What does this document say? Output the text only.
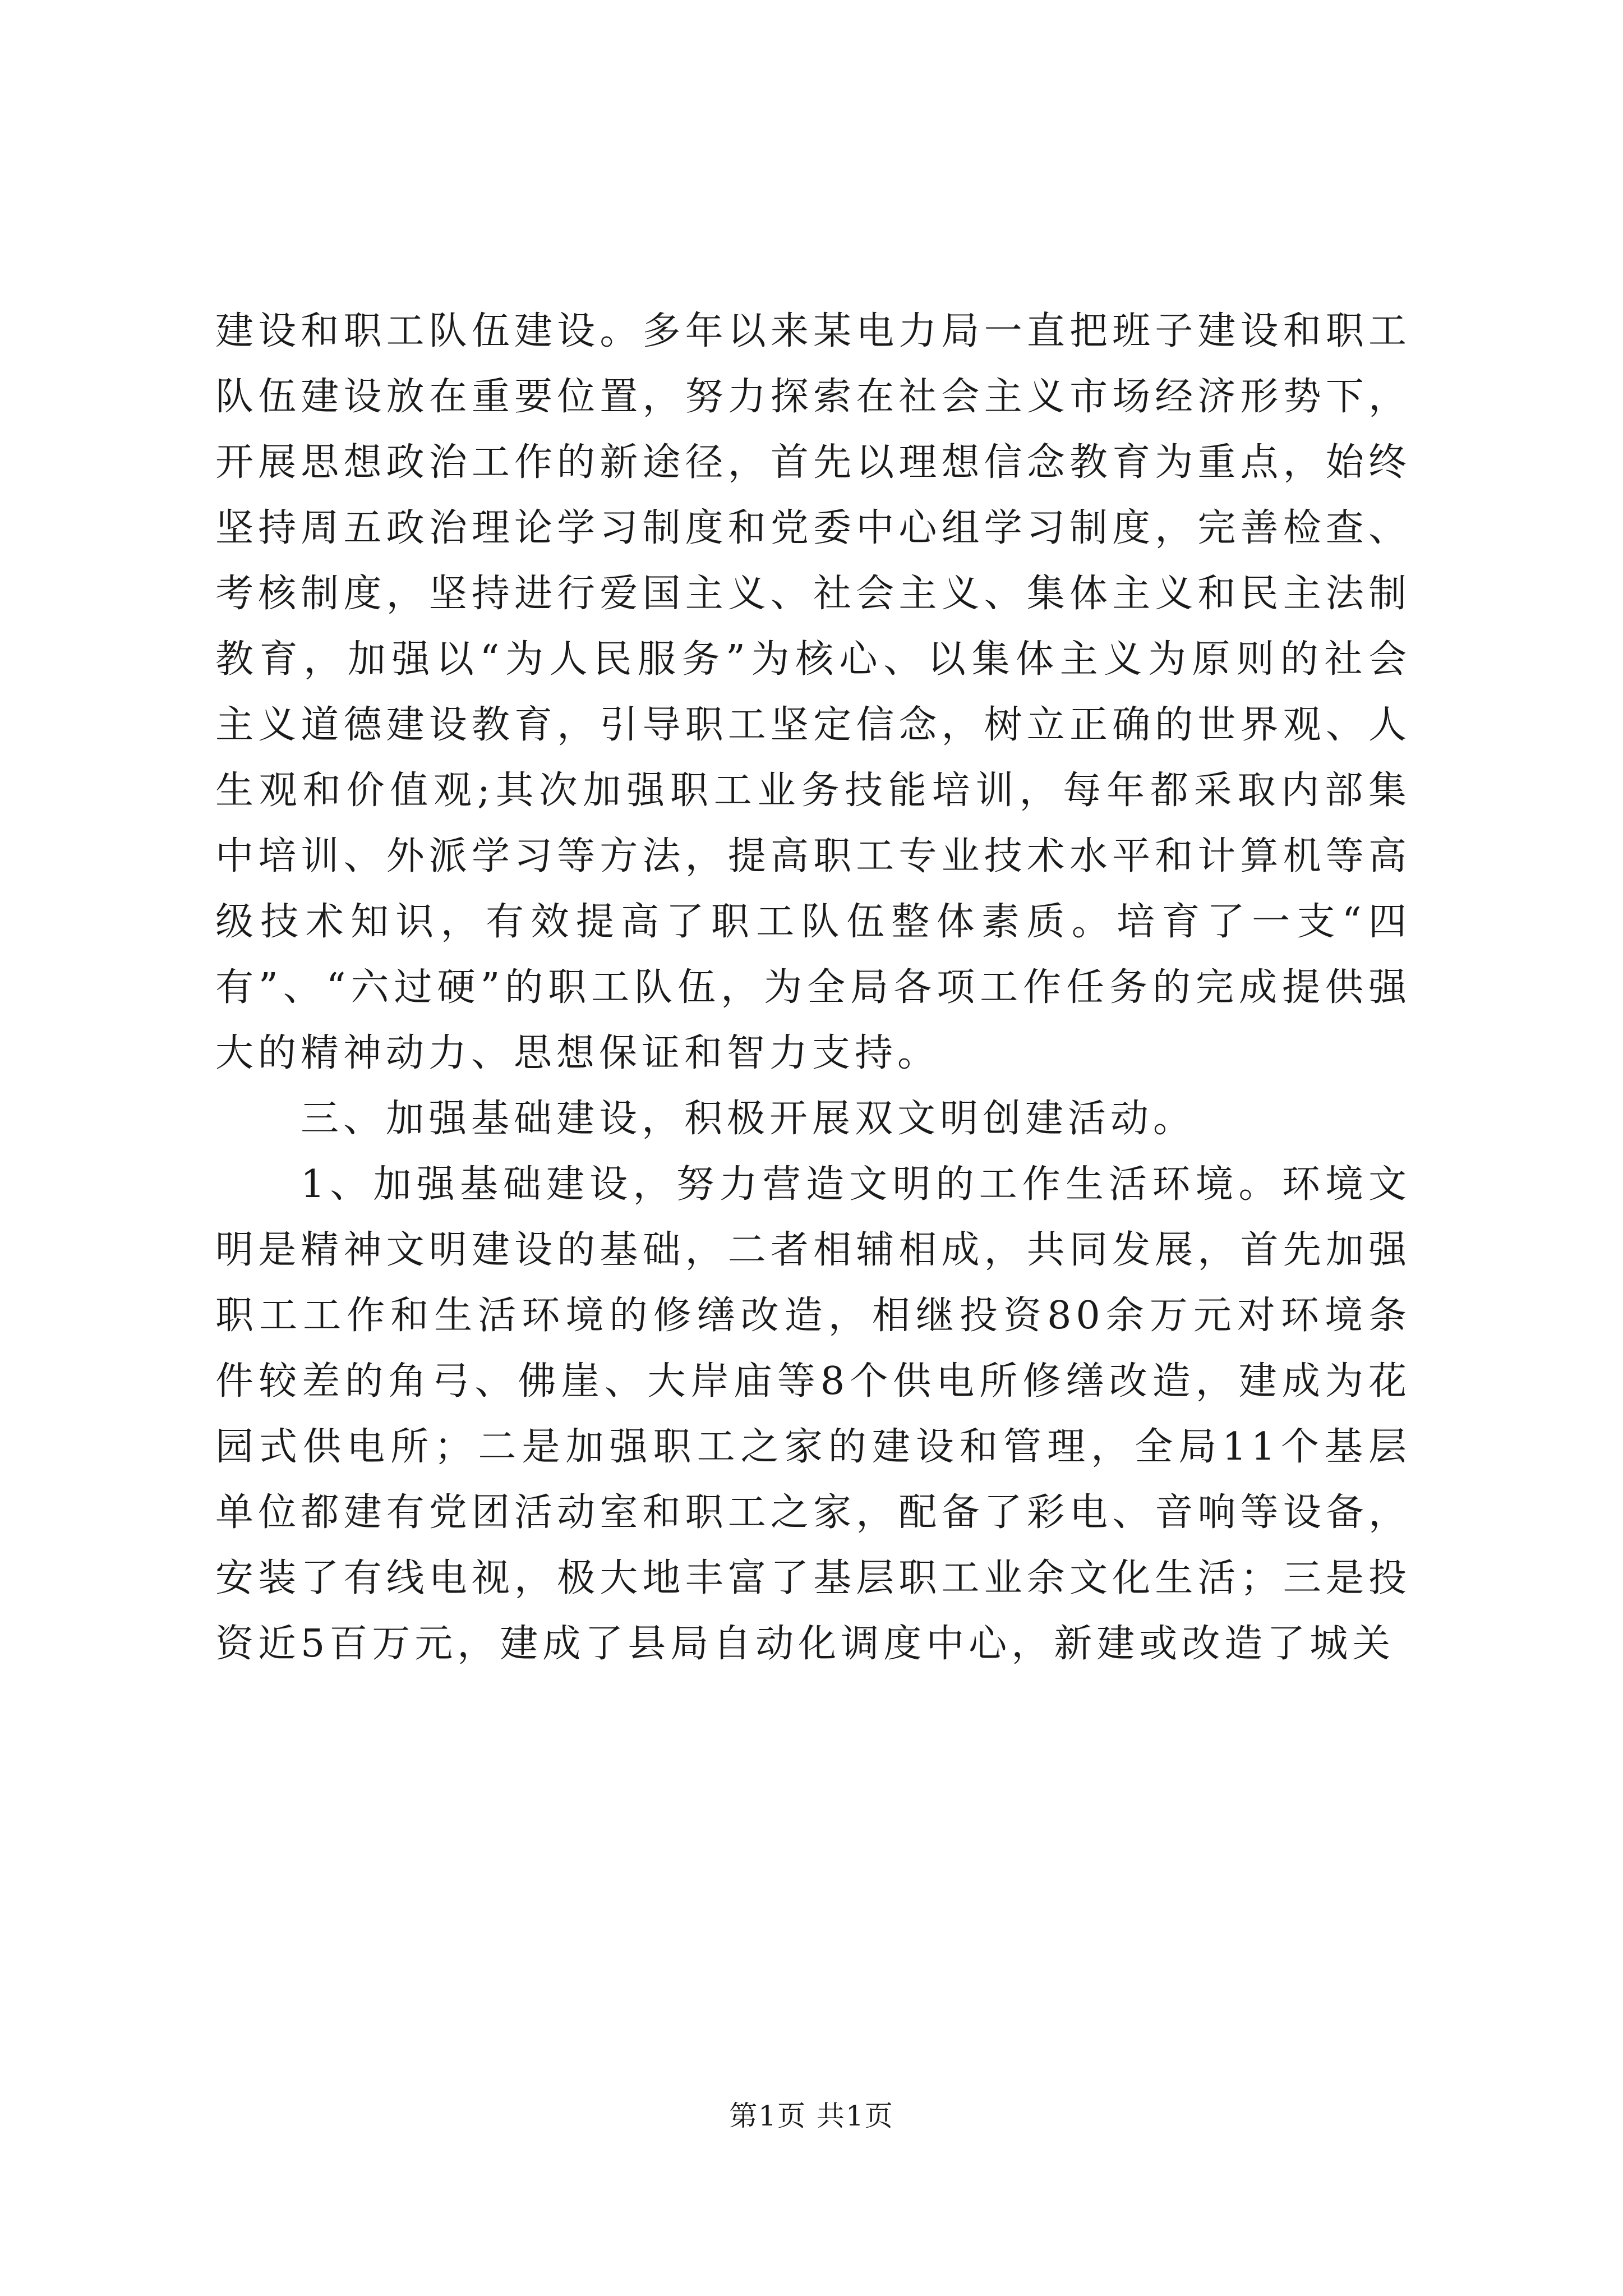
建设和职工队伍建设。多年以来某电力局一直把班子建设和职工队伍建设放在重要位置，努力探索在社会主义市场经济形势下，开展思想政治工作的新途径，首先以理想信念教育为重点，始终坚持周五政治理论学习制度和党委中心组学习制度，完善检查、考核制度，坚持进行爱国主义、社会主义、集体主义和民主法制教育，加强以“为人民服务”为核心、以集体主义为原则的社会主义道德建设教育，引导职工坚定信念，树立正确的世界观、人生观和价值观;其次加强职工业务技能培训，每年都采取内部集中培训、外派学习等方法，提高职工专业技术水平和计算机等高级技术知识，有效提高了职工队伍整体素质。培育了一支“四有”、“六过硬”的职工队伍，为全局各项工作任务的完成提供强大的精神动力、思想保证和智力支持。

三、加强基础建设，积极开展双文明创建活动。

1、加强基础建设，努力营造文明的工作生活环境。环境文明是精神文明建设的基础，二者相辅相成，共同发展，首先加强职工工作和生活环境的修缮改造，相继投资80余万元对环境条件较差的角弓、佛崖、大岸庙等8个供电所修缮改造，建成为花园式供电所；二是加强职工之家的建设和管理，全局11个基层单位都建有党团活动室和职工之家，配备了彩电、音响等设备，安装了有线电视，极大地丰富了基层职工业余文化生活；三是投资近5百万元，建成了县局自动化调度中心，新建或改造了城关

第1页 共1页
